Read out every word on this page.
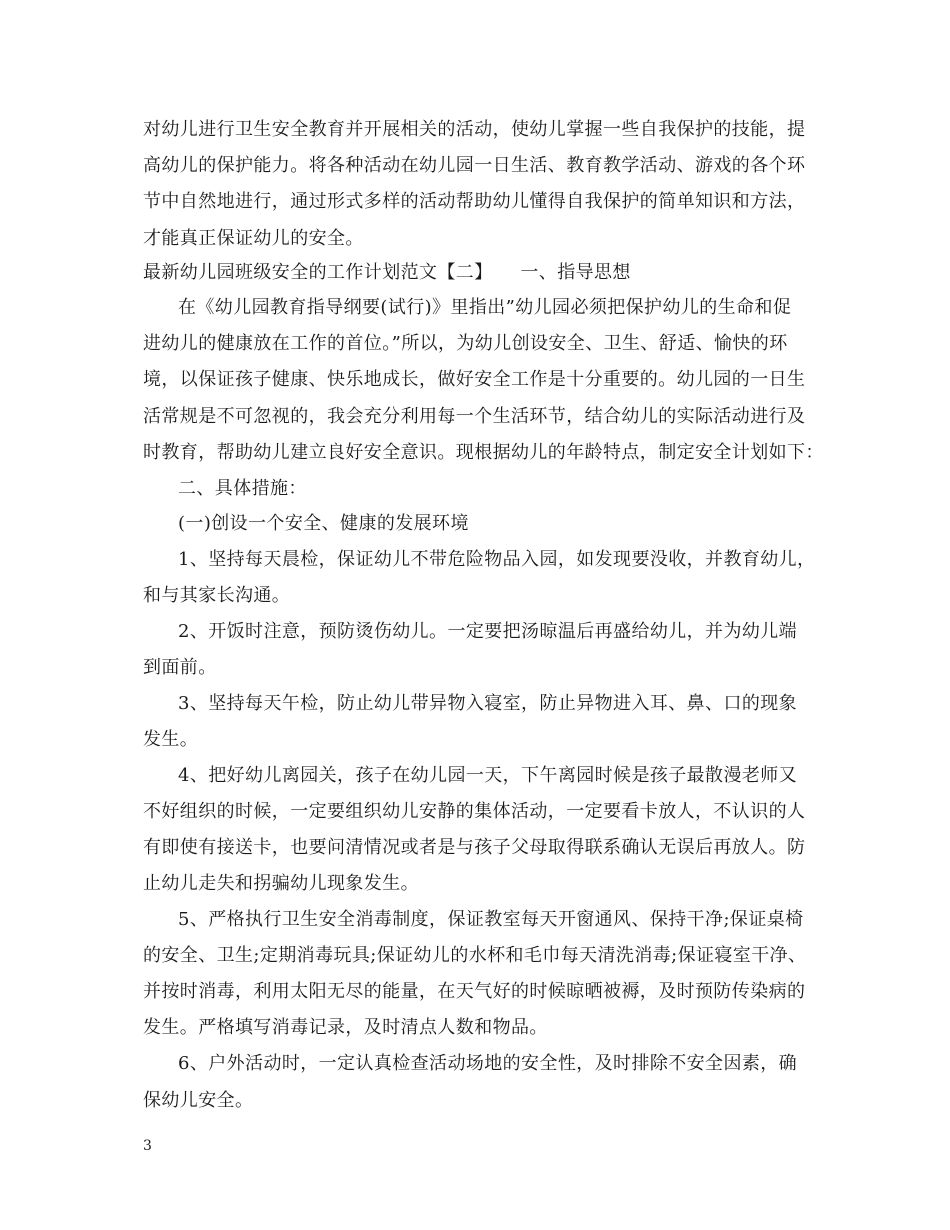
对幼儿进行卫生安全教育并开展相关的活动，使幼儿掌握一些自我保护的技能，提
高幼儿的保护能力。将各种活动在幼儿园一日生活、教育教学活动、游戏的各个环
节中自然地进行，通过形式多样的活动帮助幼儿懂得自我保护的简单知识和方法，
才能真正保证幼儿的安全。
最新幼儿园班级安全的工作计划范文【二】　　一、指导思想
在《幼儿园教育指导纲要(试行)》里指出”幼儿园必须把保护幼儿的生命和促
进幼儿的健康放在工作的首位。”所以，为幼儿创设安全、卫生、舒适、愉快的环
境，以保证孩子健康、快乐地成长，做好安全工作是十分重要的。幼儿园的一日生
活常规是不可忽视的，我会充分利用每一个生活环节，结合幼儿的实际活动进行及
时教育，帮助幼儿建立良好安全意识。现根据幼儿的年龄特点，制定安全计划如下：
二、具体措施：
(一)创设一个安全、健康的发展环境
1、坚持每天晨检，保证幼儿不带危险物品入园，如发现要没收，并教育幼儿，
和与其家长沟通。
2、开饭时注意，预防烫伤幼儿。一定要把汤晾温后再盛给幼儿，并为幼儿端
到面前。
3、坚持每天午检，防止幼儿带异物入寝室，防止异物进入耳、鼻、口的现象
发生。
4、把好幼儿离园关，孩子在幼儿园一天，下午离园时候是孩子最散漫老师又
不好组织的时候，一定要组织幼儿安静的集体活动，一定要看卡放人，不认识的人
有即使有接送卡，也要问清情况或者是与孩子父母取得联系确认无误后再放人。防
止幼儿走失和拐骗幼儿现象发生。
5、严格执行卫生安全消毒制度，保证教室每天开窗通风、保持干净;保证桌椅
的安全、卫生;定期消毒玩具;保证幼儿的水杯和毛巾每天清洗消毒;保证寝室干净、
并按时消毒，利用太阳无尽的能量，在天气好的时候晾晒被褥，及时预防传染病的
发生。严格填写消毒记录，及时清点人数和物品。
6、户外活动时，一定认真检查活动场地的安全性，及时排除不安全因素，确
保幼儿安全。
3
